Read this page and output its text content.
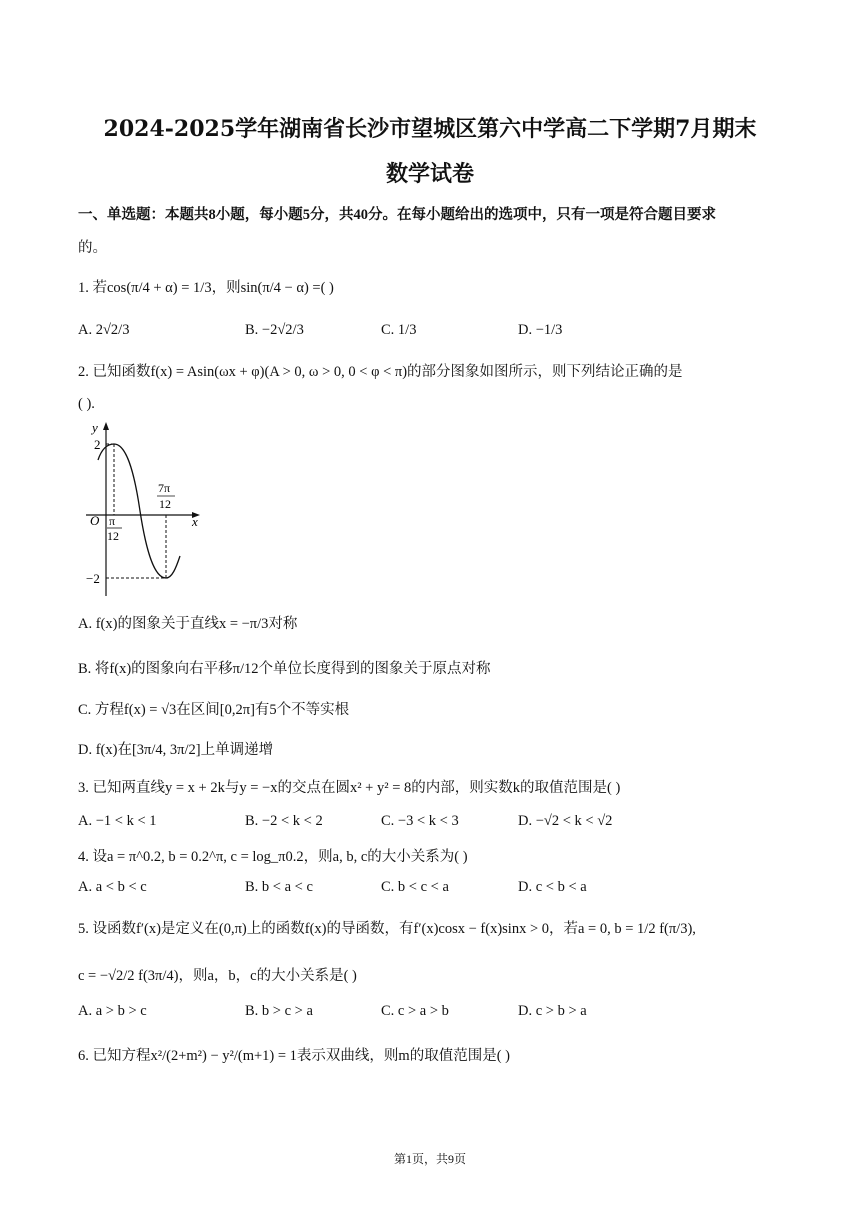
2024-2025学年湖南省长沙市望城区第六中学高二下学期7月期末
数学试卷
一、单选题：本题共8小题，每小题5分，共40分。在每小题给出的选项中，只有一项是符合题目要求
的。
1. 若cos(π/4 + α) = 1/3，则sin(π/4 − α) =( )
A. 2√2/3	B. −2√2/3	C. 1/3	D. −1/3
2. 已知函数f(x) = Asin(ωx + φ)(A > 0, ω > 0, 0 < φ < π)的部分图象如图所示，则下列结论正确的是
( ).
y
x
O
2
−2
π
12
7π
12
A. f(x)的图象关于直线x = −π/3对称
B. 将f(x)的图象向右平移π/12个单位长度得到的图象关于原点对称
C. 方程f(x) = √3在区间[0,2π]有5个不等实根
D. f(x)在[3π/4, 3π/2]上单调递增
3. 已知两直线y = x + 2k与y = −x的交点在圆x² + y² = 8的内部，则实数k的取值范围是( )
A. −1 < k < 1	B. −2 < k < 2	C. −3 < k < 3	D. −√2 < k < √2
4. 设a = π^0.2, b = 0.2^π, c = log_π0.2，则a, b, c的大小关系为( )
A. a < b < c	B. b < a < c	C. b < c < a	D. c < b < a
5. 设函数f′(x)是定义在(0,π)上的函数f(x)的导函数，有f′(x)cosx − f(x)sinx > 0，若a = 0, b = 1/2 f(π/3),
c = −√2/2 f(3π/4)，则a，b，c的大小关系是( )
A. a > b > c	B. b > c > a	C. c > a > b	D. c > b > a
6. 已知方程x²/(2+m²) − y²/(m+1) = 1表示双曲线，则m的取值范围是( )
第1页，共9页
